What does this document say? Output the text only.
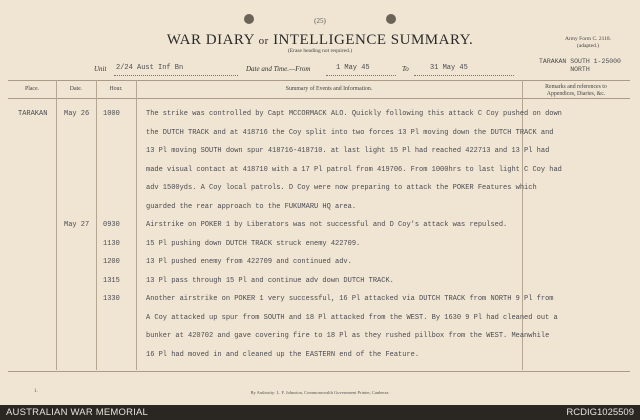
(25)
WAR DIARY or INTELLIGENCE SUMMARY.
(Erase heading not required.)
Army Form C. 2118.
(adapted.)
Unit 2/24 Aust Inf Bn	Date and Time.—From	1 May 45	To	31 May 45
TARAKAN SOUTH 1-25000
NORTH
Place.	Date.	Hour.	Summary of Events and Information.	Remarks and references to
Appendices, Diaries, &c.
TARAKAN May 26 1000	The strike was controlled by Capt MCCORMACK ALO. Quickly following this attack C Coy pushed on down
the DUTCH TRACK and at 418716 the Coy split into two forces 13 Pl moving down the DUTCH TRACK and
13 Pl moving SOUTH down spur 418716-418710. at last light 15 Pl had reached 422713 and 13 Pl had
made visual contact at 418710 with a 17 Pl patrol from 419706. From 1000hrs to last light C Coy had
adv 1500yds. A Coy local patrols. D Coy were now preparing to attack the POKER Features which
guarded the rear approach to the FUKUMARU HQ area.
May 27 0930	Airstrike on POKER 1 by Liberators was not successful and D Coy's attack was repulsed.
1130	15 Pl pushing down DUTCH TRACK struck enemy 422709.
1200	13 Pl pushed enemy from 422709 and continued adv.
1315	13 Pl pass through 15 Pl and continue adv down DUTCH TRACK.
1330	Another airstrike on POKER 1 very successful, 16 Pl attacked via DUTCH TRACK from NORTH 9 Pl from
A Coy attacked up spur from SOUTH and 18 Pl attacked from the WEST. By 1630 9 Pl had cleaned out a
bunker at 420702 and gave covering fire to 18 Pl as they rushed pillbox from the WEST. Meanwhile
16 Pl had moved in and cleaned up the EASTERN end of the Feature.
1.	By Authority: L. F. Johnston, Commonwealth Government Printer, Canberra.
AUSTRALIAN WAR MEMORIAL	RCDIG1025509
